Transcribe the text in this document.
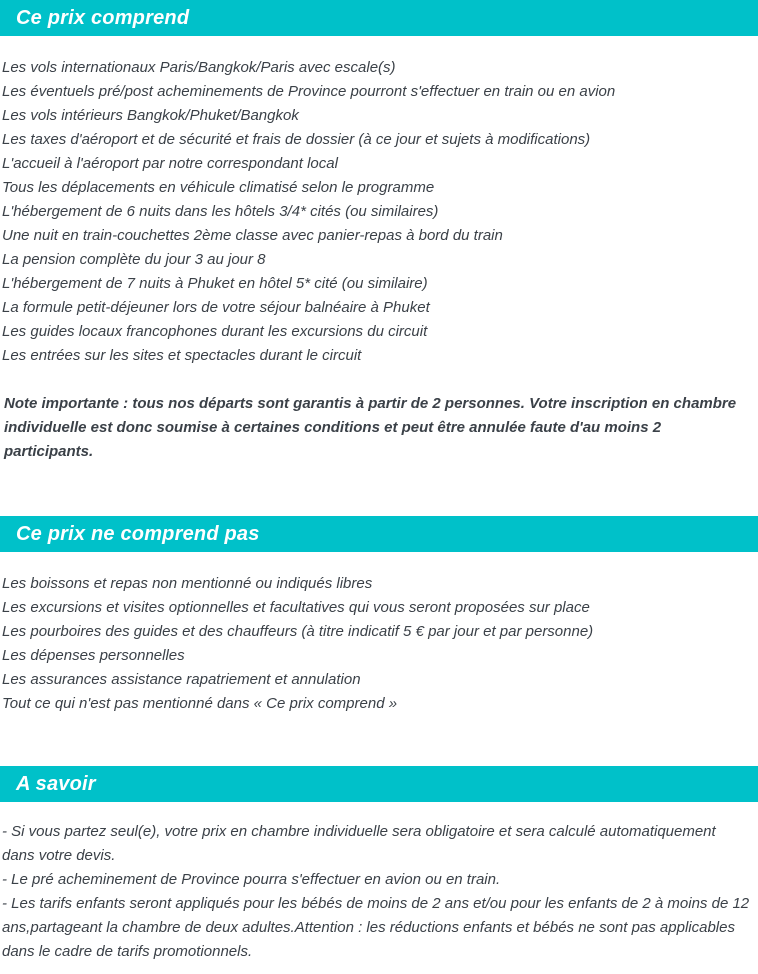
Ce prix comprend
Les vols internationaux Paris/Bangkok/Paris avec escale(s)
Les éventuels pré/post acheminements de Province pourront s'effectuer en train ou en avion
Les vols intérieurs Bangkok/Phuket/Bangkok
Les taxes d'aéroport et de sécurité et frais de dossier (à ce jour et sujets à modifications)
L'accueil à l'aéroport par notre correspondant local
Tous les déplacements en véhicule climatisé selon le programme
L'hébergement de 6 nuits dans les hôtels 3/4* cités (ou similaires)
Une nuit en train-couchettes 2ème classe avec panier-repas à bord du train
La pension complète du jour 3 au jour 8
L'hébergement de 7 nuits à Phuket en hôtel 5* cité (ou similaire)
La formule petit-déjeuner lors de votre séjour balnéaire à Phuket
Les guides locaux francophones durant les excursions du circuit
Les entrées sur les sites et spectacles durant le circuit

Note importante : tous nos départs sont garantis à partir de 2 personnes. Votre inscription en chambre individuelle est donc soumise à certaines conditions et peut être annulée faute d'au moins 2 participants.

Ce prix ne comprend pas
Les boissons et repas non mentionné ou indiqués libres
Les excursions et visites optionnelles et facultatives qui vous seront proposées sur place
Les pourboires des guides et des chauffeurs (à titre indicatif 5 € par jour et par personne)
Les dépenses personnelles
Les assurances assistance rapatriement et annulation
Tout ce qui n'est pas mentionné dans « Ce prix comprend »
A savoir
- Si vous partez seul(e), votre prix en chambre individuelle sera obligatoire et sera calculé automatiquement dans votre devis.
- Le pré acheminement de Province pourra s'effectuer en avion ou en train.
- Les tarifs enfants seront appliqués pour les bébés de moins de 2 ans et/ou pour les enfants de 2 à moins de 12 ans,partageant la chambre de deux adultes.Attention : les réductions enfants et bébés ne sont pas applicables dans le cadre de tarifs promotionnels.
